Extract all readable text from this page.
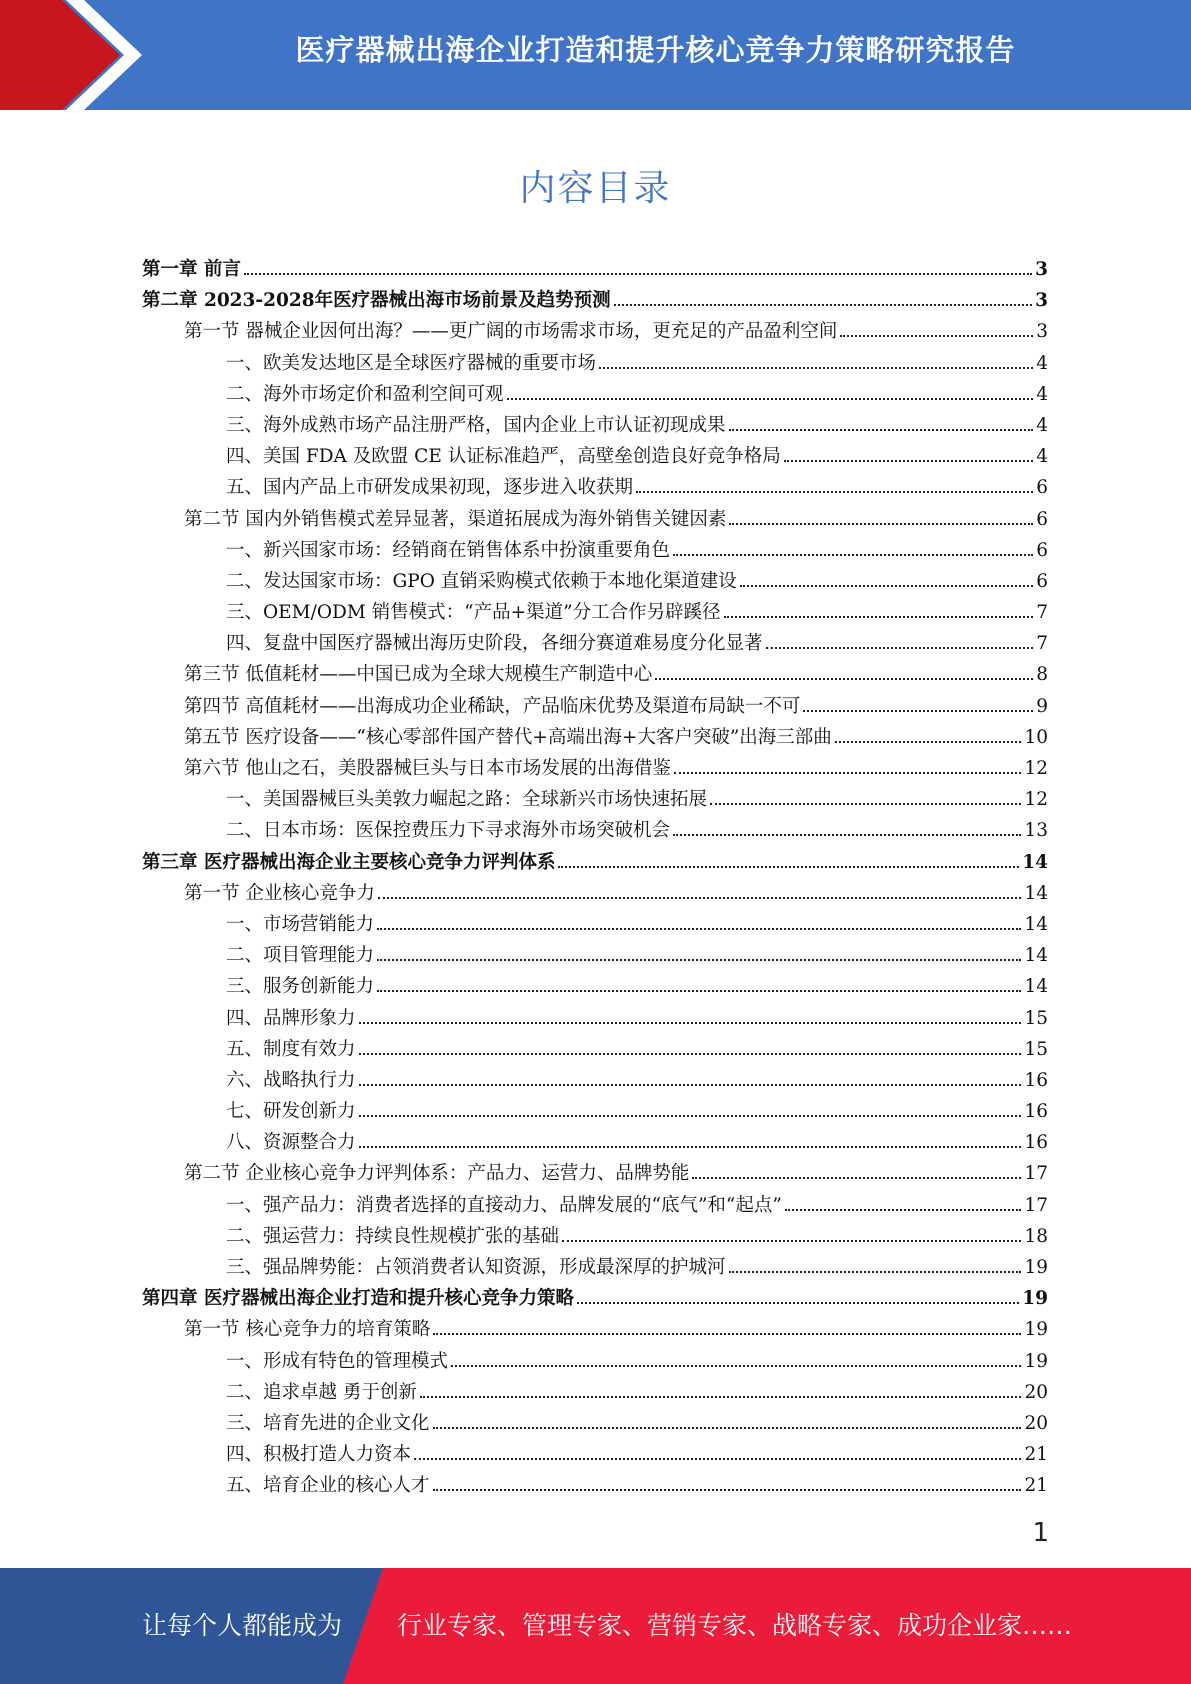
医疗器械出海企业打造和提升核心竞争力策略研究报告
内容目录
第一章 前言	3
第二章 2023-2028年医疗器械出海市场前景及趋势预测	3
第一节 器械企业因何出海？——更广阔的市场需求市场，更充足的产品盈利空间	3
一、欧美发达地区是全球医疗器械的重要市场	4
二、海外市场定价和盈利空间可观	4
三、海外成熟市场产品注册严格，国内企业上市认证初现成果	4
四、美国 FDA 及欧盟 CE 认证标准趋严，高壁垒创造良好竞争格局	4
五、国内产品上市研发成果初现，逐步进入收获期	6
第二节 国内外销售模式差异显著，渠道拓展成为海外销售关键因素	6
一、新兴国家市场：经销商在销售体系中扮演重要角色	6
二、发达国家市场：GPO 直销采购模式依赖于本地化渠道建设	6
三、OEM/ODM 销售模式：“产品+渠道”分工合作另辟蹊径	7
四、复盘中国医疗器械出海历史阶段，各细分赛道难易度分化显著	7
第三节 低值耗材——中国已成为全球大规模生产制造中心	8
第四节 高值耗材——出海成功企业稀缺，产品临床优势及渠道布局缺一不可	9
第五节 医疗设备——“核心零部件国产替代+高端出海+大客户突破”出海三部曲	10
第六节 他山之石，美股器械巨头与日本市场发展的出海借鉴	12
一、美国器械巨头美敦力崛起之路：全球新兴市场快速拓展	12
二、日本市场：医保控费压力下寻求海外市场突破机会	13
第三章 医疗器械出海企业主要核心竞争力评判体系	14
第一节 企业核心竞争力	14
一、市场营销能力	14
二、项目管理能力	14
三、服务创新能力	14
四、品牌形象力	15
五、制度有效力	15
六、战略执行力	16
七、研发创新力	16
八、资源整合力	16
第二节 企业核心竞争力评判体系：产品力、运营力、品牌势能	17
一、强产品力：消费者选择的直接动力、品牌发展的“底气”和“起点”	17
二、强运营力：持续良性规模扩张的基础	18
三、强品牌势能：占领消费者认知资源，形成最深厚的护城河	19
第四章 医疗器械出海企业打造和提升核心竞争力策略	19
第一节 核心竞争力的培育策略	19
一、形成有特色的管理模式	19
二、追求卓越 勇于创新	20
三、培育先进的企业文化	20
四、积极打造人力资本	21
五、培育企业的核心人才	21
1
让每个人都能成为 行业专家、管理专家、营销专家、战略专家、成功企业家……
